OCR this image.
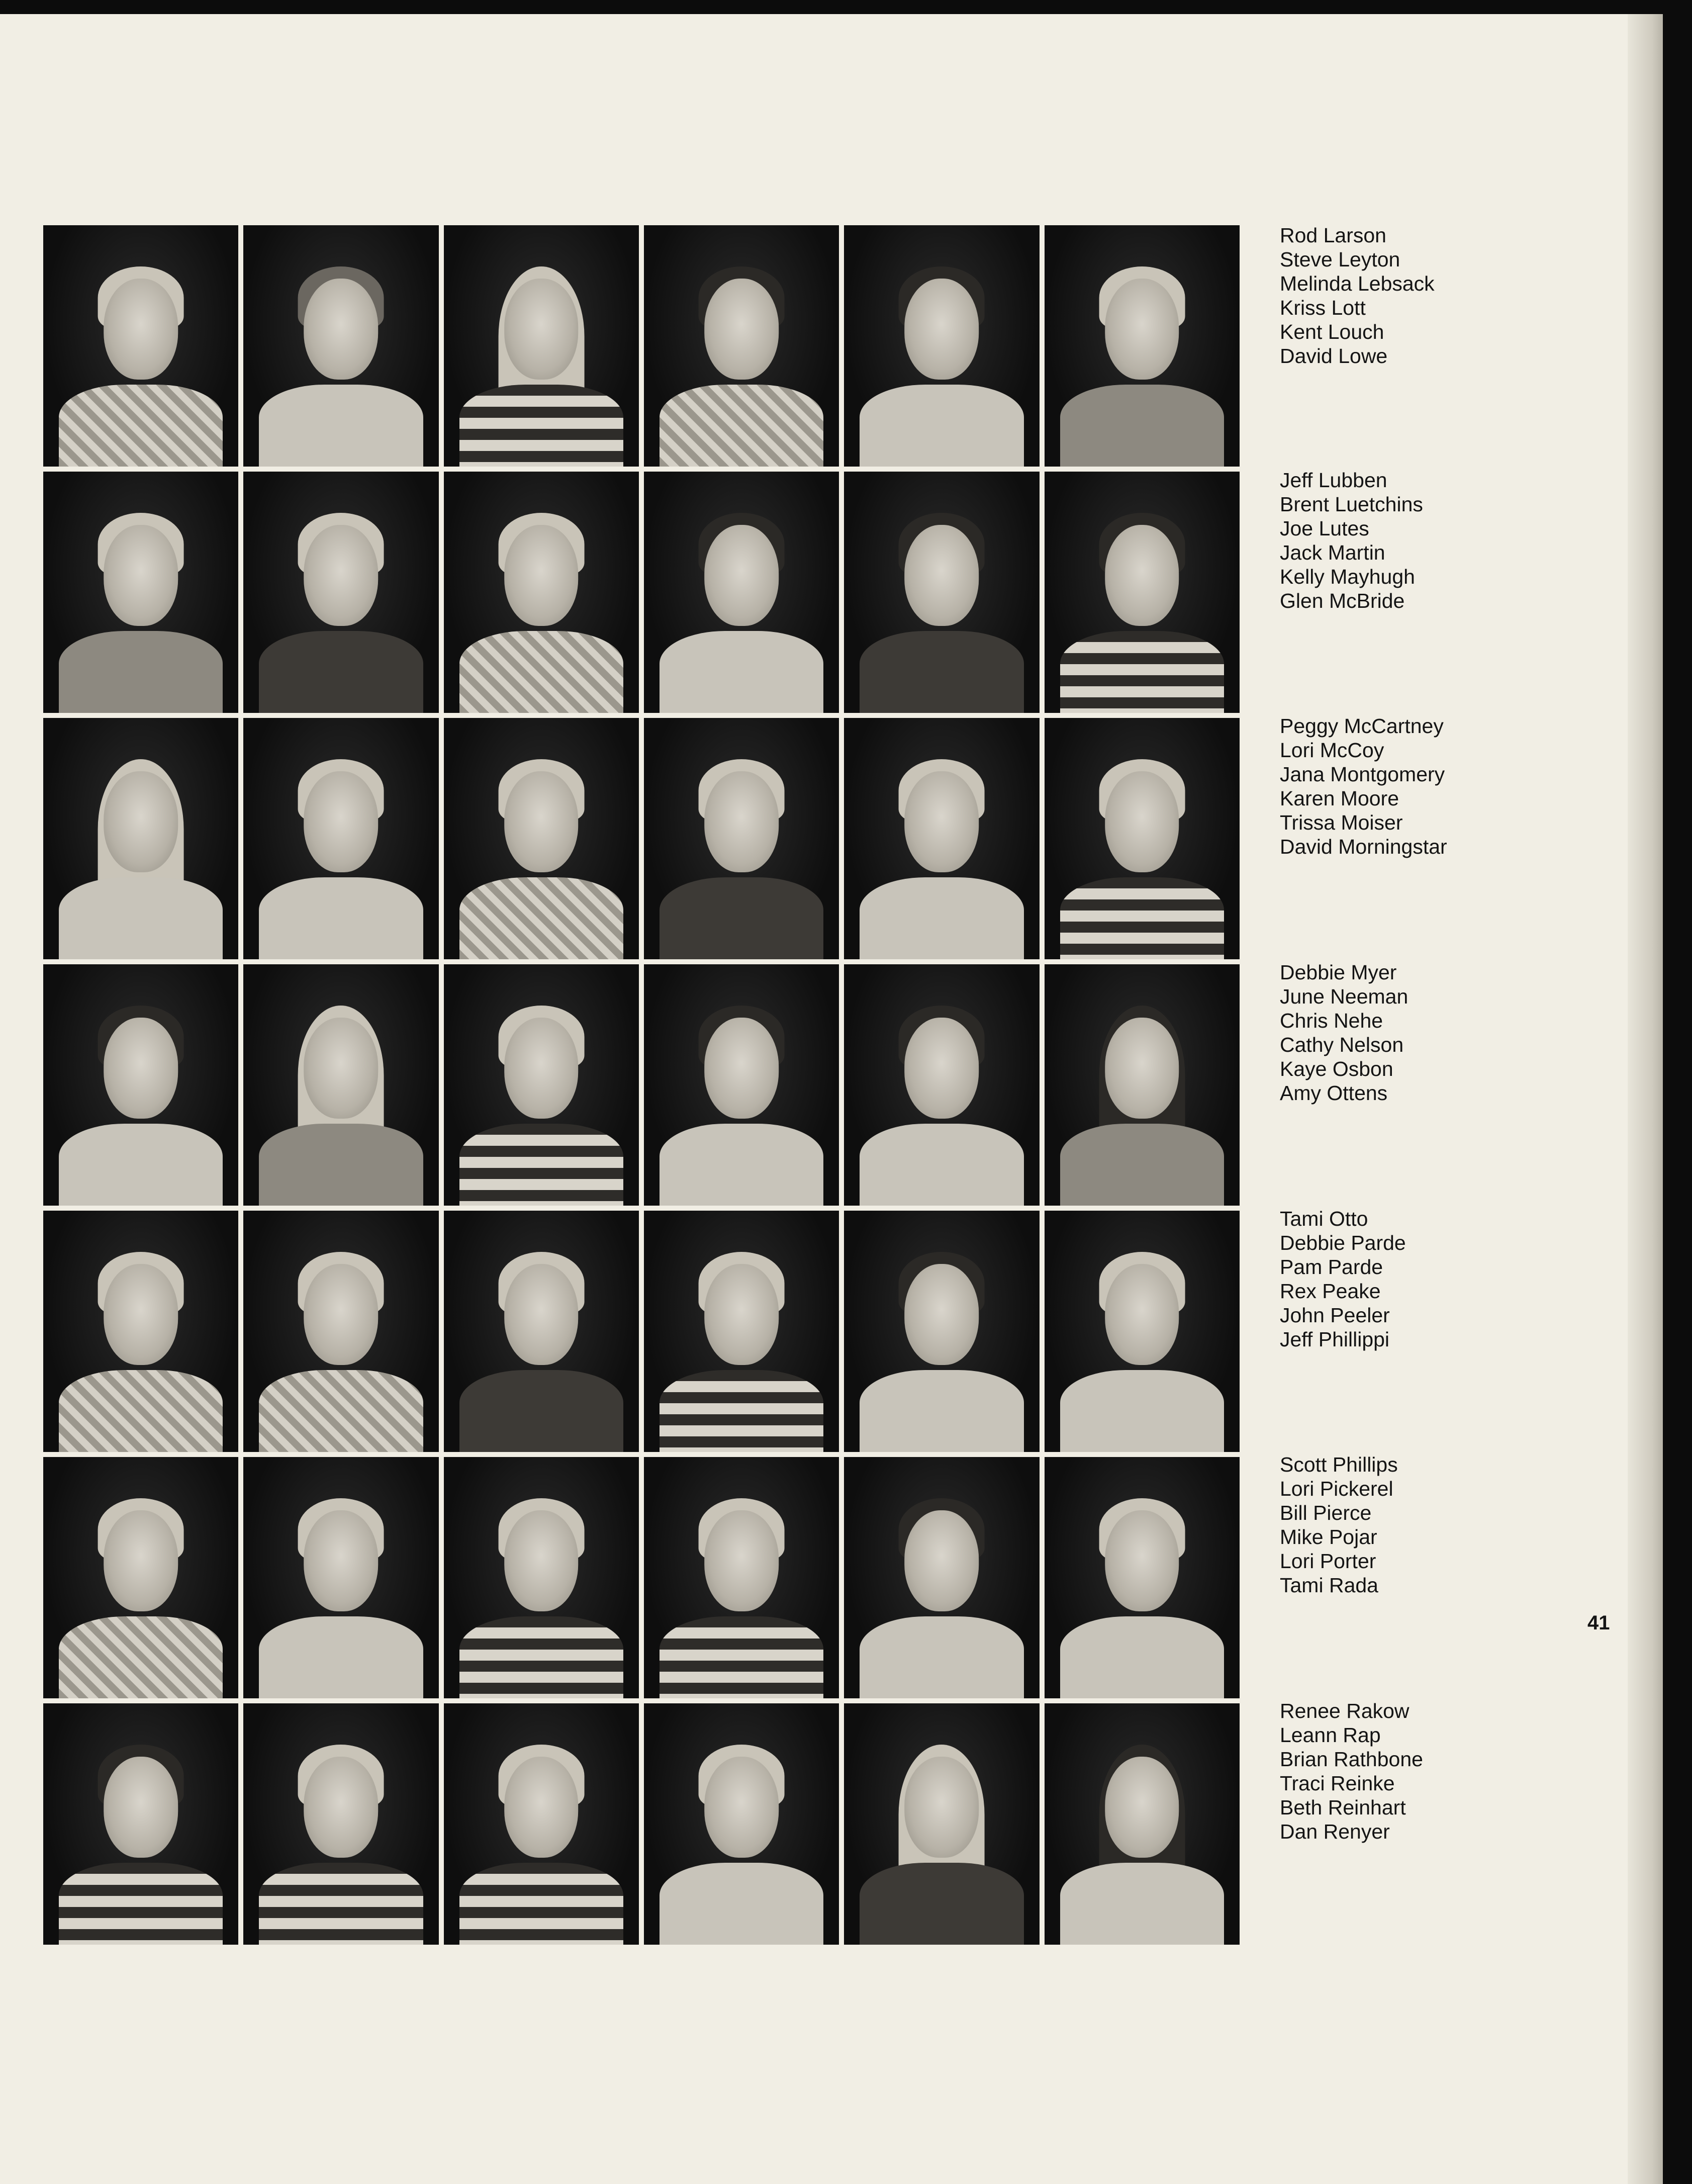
Rod Larson
Steve Leyton
Melinda Lebsack
Kriss Lott
Kent Louch
David Lowe
Jeff Lubben
Brent Luetchins
Joe Lutes
Jack Martin
Kelly Mayhugh
Glen McBride
Peggy McCartney
Lori McCoy
Jana Montgomery
Karen Moore
Trissa Moiser
David Morningstar
Debbie Myer
June Neeman
Chris Nehe
Cathy Nelson
Kaye Osbon
Amy Ottens
Tami Otto
Debbie Parde
Pam Parde
Rex Peake
John Peeler
Jeff Phillippi
Scott Phillips
Lori Pickerel
Bill Pierce
Mike Pojar
Lori Porter
Tami Rada
Renee Rakow
Leann Rap
Brian Rathbone
Traci Reinke
Beth Reinhart
Dan Renyer
41
